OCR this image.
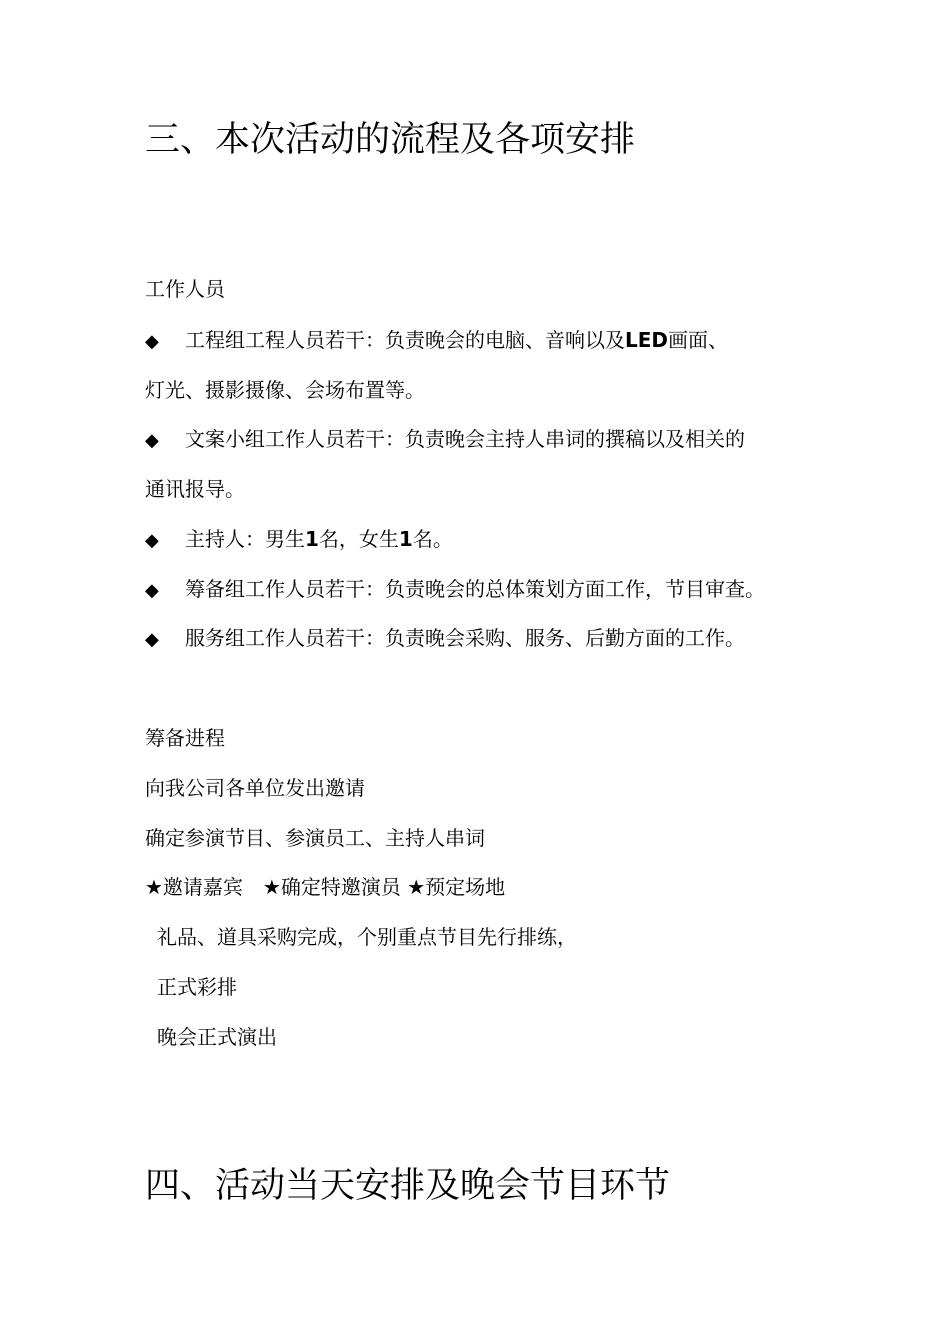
三、本次活动的流程及各项安排
工作人员
◆ 工程组工程人员若干：负责晚会的电脑、音响以及LED画面、
灯光、摄影摄像、会场布置等。
◆ 文案小组工作人员若干：负责晚会主持人串词的撰稿以及相关的
通讯报导。
◆ 主持人：男生1名，女生1名。
◆ 筹备组工作人员若干：负责晚会的总体策划方面工作，节目审查。
◆ 服务组工作人员若干：负责晚会采购、服务、后勤方面的工作。
筹备进程
向我公司各单位发出邀请
确定参演节目、参演员工、主持人串词
★邀请嘉宾　★确定特邀演员 ★预定场地
礼品、道具采购完成，个别重点节目先行排练，
正式彩排
晚会正式演出
四、活动当天安排及晚会节目环节
